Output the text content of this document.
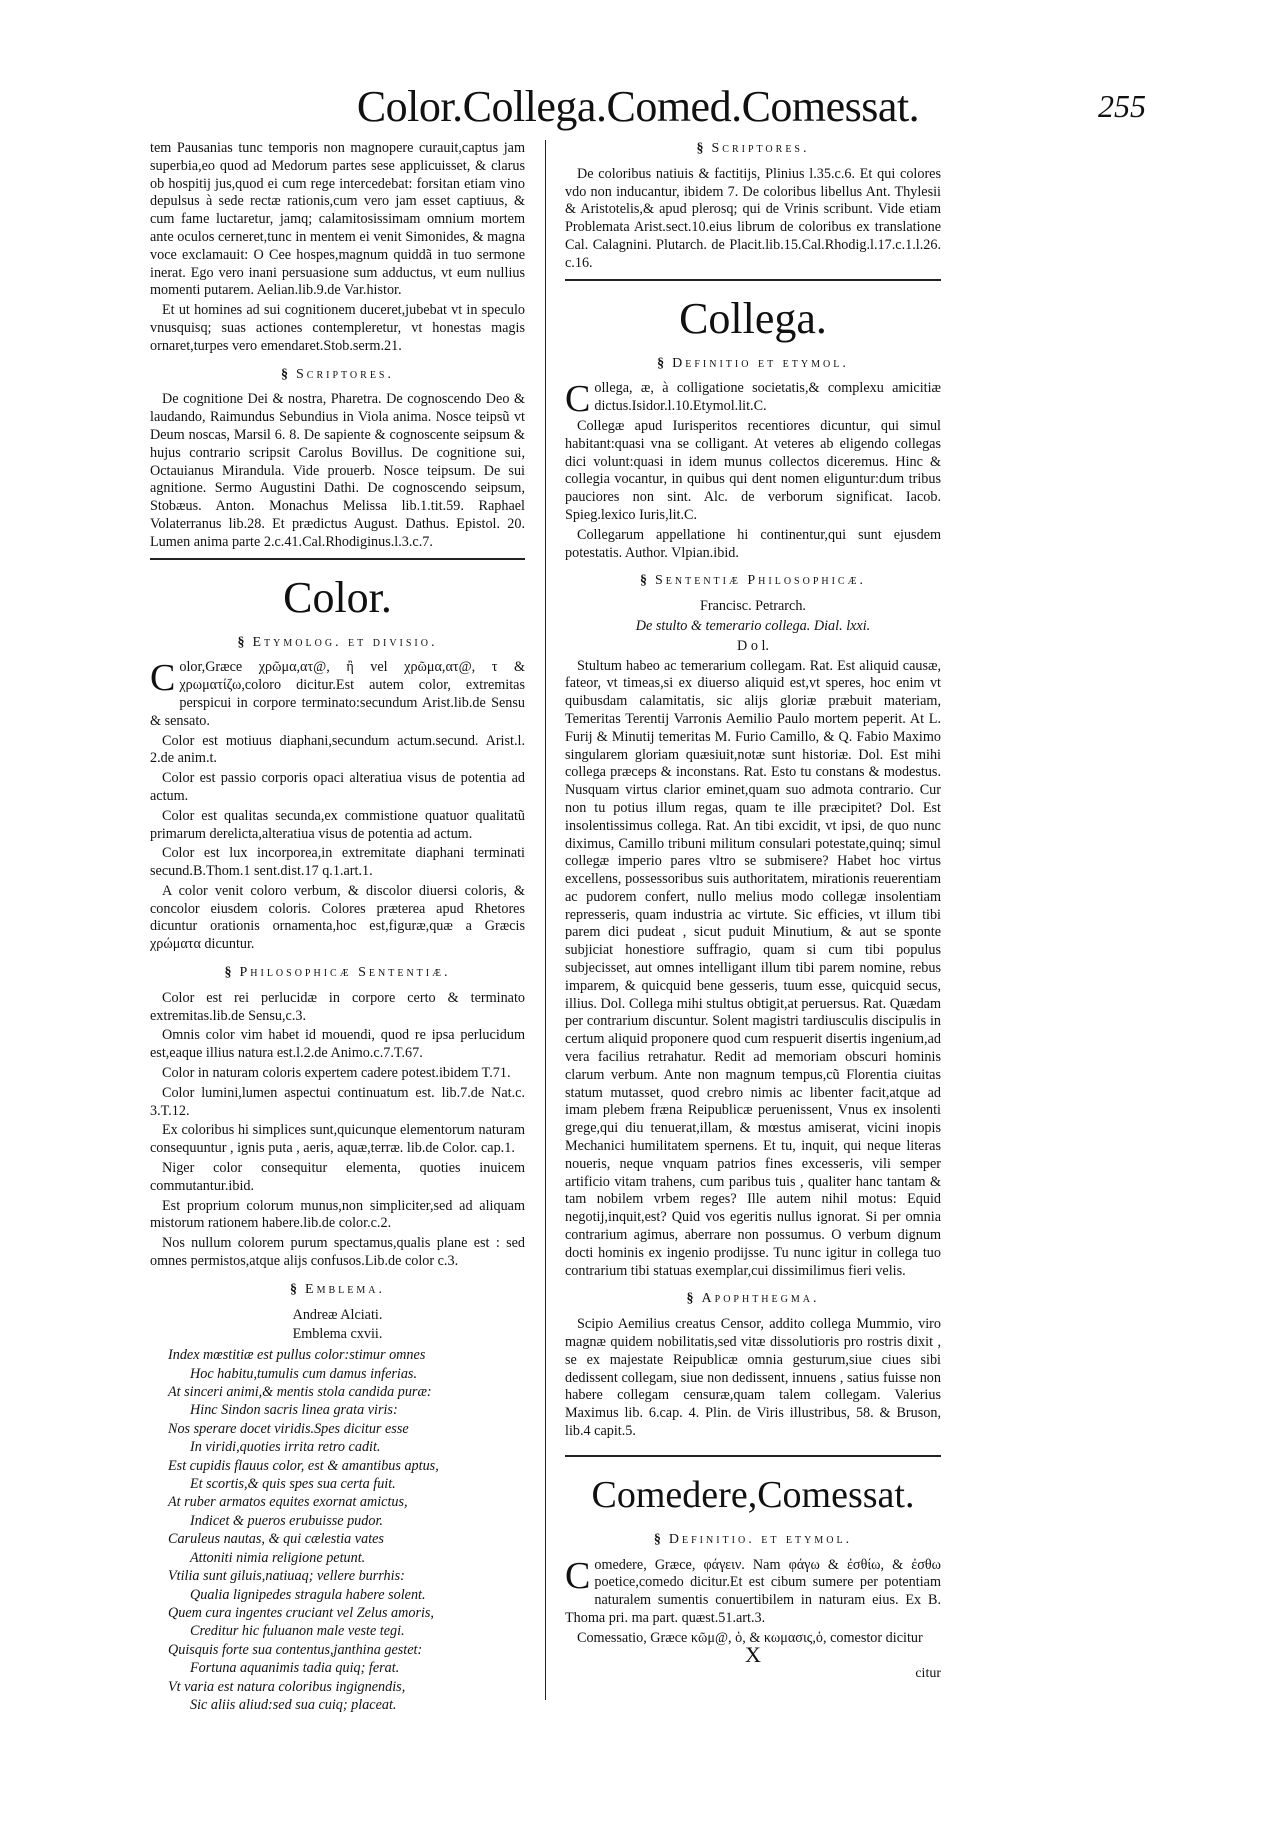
Color.Collega.Comed.Comessat.	255

tem Pausanias tunc temporis non magnopere curauit,captus jam superbia,eo quod ad Medorum partes sese applicuisset, & clarus ob hospitij jus,quod ei cum rege intercedebat: forsitan etiam vino depulsus à sede rectæ rationis,cum vero jam esset captiuus, & cum fame luctaretur, jamq; calamitosissimam omnium mortem ante oculos cerneret,tunc in mentem ei venit Simonides, & magna voce exclamauit: O Cee hospes,magnum quiddã in tuo sermone inerat. Ego vero inani persuasione sum adductus, vt eum nullius momenti putarem. Aelian.lib.9.de Var.histor.

Et ut homines ad sui cognitionem duceret,jubebat vt in speculo vnusquisq; suas actiones contempleretur, vt honestas magis ornaret,turpes vero emendaret.Stob.serm.21.

§ Scriptores.

De cognitione Dei & nostra, Pharetra. De cognoscendo Deo & laudando, Raimundus Sebundius in Viola anima. Nosce teipsũ vt Deum noscas, Marsil 6. 8. De sapiente & cognoscente seipsum & hujus contrario scripsit Carolus Bovillus. De cognitione sui, Octauianus Mirandula. Vide prouerb. Nosce teipsum. De sui agnitione. Sermo Augustini Dathi. De cognoscendo seipsum, Stobæus. Anton. Monachus Melissa lib.1.tit.59. Raphael Volaterranus lib.28. Et prædictus August. Dathus. Epistol. 20. Lumen anima parte 2.c.41.Cal.Rhodiginus.l.3.c.7.

Color.
§ Etymolog. et divisio.

Color,Græce χρῶμα,ατ@, ἢ vel χρῶμα,ατ@, τ & χρωματίζω,coloro dicitur.Est autem color, extremitas perspicui in corpore terminato:secundum Arist.lib.de Sensu & sensato.

Color est motiuus diaphani,secundum actum.secund. Arist.l. 2.de anim.t.

Color est passio corporis opaci alteratiua visus de potentia ad actum.

Color est qualitas secunda,ex commistione quatuor qualitatũ primarum derelicta,alteratiua visus de potentia ad actum.

Color est lux incorporea,in extremitate diaphani terminati secund.B.Thom.1 sent.dist.17 q.1.art.1.

A color venit coloro verbum, & discolor diuersi coloris, & concolor eiusdem coloris. Colores præterea apud Rhetores dicuntur orationis ornamenta,hoc est,figuræ,quæ a Græcis χρώματα dicuntur.

§ Philosophicæ Sententiæ.

Color est rei perlucidæ in corpore certo & terminato extremitas.lib.de Sensu,c.3.

Omnis color vim habet id mouendi, quod re ipsa perlucidum est,eaque illius natura est.l.2.de Animo.c.7.T.67.

Color in naturam coloris expertem cadere potest.ibidem T.71.

Color lumini,lumen aspectui continuatum est. lib.7.de Nat.c. 3.T.12.

Ex coloribus hi simplices sunt,quicunque elementorum naturam consequuntur , ignis puta , aeris, aquæ,terræ. lib.de Color. cap.1.

Niger color consequitur elementa, quoties inuicem commutantur.ibid.

Est proprium colorum munus,non simpliciter,sed ad aliquam mistorum rationem habere.lib.de color.c.2.

Nos nullum colorem purum spectamus,qualis plane est : sed omnes permistos,atque alijs confusos.Lib.de color c.3.

§ Emblema.

Andreæ Alciati.

Emblema cxvii.

Index mœstitiæ est pullus color:stimur omnes

Hoc habitu,tumulis cum damus inferias.

At sinceri animi,& mentis stola candida puræ:

Hinc Sindon sacris linea grata viris:

Nos sperare docet viridis.Spes dicitur esse

In viridi,quoties irrita retro cadit.

Est cupidis flauus color, est & amantibus aptus,

Et scortis,& quis spes sua certa fuit.

At ruber armatos equites exornat amictus,

Indicet & pueros erubuisse pudor.

Caruleus nautas, & qui cælestia vates

Attoniti nimia religione petunt.

Vtilia sunt giluis,natiuaq; vellere burrhis:

Qualia lignipedes stragula habere solent.

Quem cura ingentes cruciant vel Zelus amoris,

Creditur hic fuluanon male veste tegi.

Quisquis forte sua contentus,janthina gestet:

Fortuna aquanimis tadia quiq; ferat.

Vt varia est natura coloribus ingignendis,

Sic aliis aliud:sed sua cuiq; placeat.

§ Scriptores.

De coloribus natiuis & factitijs, Plinius l.35.c.6. Et qui colores vdo non inducantur, ibidem 7. De coloribus libellus Ant. Thylesii & Aristotelis,& apud plerosq; qui de Vrinis scribunt. Vide etiam Problemata Arist.sect.10.eius librum de coloribus ex translatione Cal. Calagnini. Plutarch. de Placit.lib.15.Cal.Rhodig.l.17.c.1.l.26. c.16.

Collega.
§ Definitio et etymol.

Collega, æ, à colligatione societatis,& complexu amicitiæ dictus.Isidor.l.10.Etymol.lit.C.

Collegæ apud Iurisperitos recentiores dicuntur, qui simul habitant:quasi vna se colligant. At veteres ab eligendo collegas dici volunt:quasi in idem munus collectos diceremus. Hinc & collegia vocantur, in quibus qui dent nomen eliguntur:dum tribus pauciores non sint. Alc. de verborum significat. Iacob. Spieg.lexico Iuris,lit.C.

Collegarum appellatione hi continentur,qui sunt ejusdem potestatis. Author. Vlpian.ibid.

§ Sententiæ Philosophicæ.

Francisc. Petrarch.

De stulto & temerario collega. Dial. lxxi.

D o l.

Stultum habeo ac temerarium collegam. Rat. Est aliquid causæ, fateor, vt timeas,si ex diuerso aliquid est,vt speres, hoc enim vt quibusdam calamitatis, sic alijs gloriæ præbuit materiam, Temeritas Terentij Varronis Aemilio Paulo mortem peperit. At L. Furij & Minutij temeritas M. Furio Camillo, & Q. Fabio Maximo singularem gloriam quæsiuit,notæ sunt historiæ. Dol. Est mihi collega præceps & inconstans. Rat. Esto tu constans & modestus. Nusquam virtus clarior eminet,quam suo admota contrario. Cur non tu potius illum regas, quam te ille præcipitet? Dol. Est insolentissimus collega. Rat. An tibi excidit, vt ipsi, de quo nunc diximus, Camillo tribuni militum consulari potestate,quinq; simul collegæ imperio pares vltro se submisere? Habet hoc virtus excellens, possessoribus suis authoritatem, mirationis reuerentiam ac pudorem confert, nullo melius modo collegæ insolentiam represseris, quam industria ac virtute. Sic efficies, vt illum tibi parem dici pudeat , sicut puduit Minutium, & aut se sponte subjiciat honestiore suffragio, quam si cum tibi populus subjecisset, aut omnes intelligant illum tibi parem nomine, rebus imparem, & quicquid bene gesseris, tuum esse, quicquid secus, illius. Dol. Collega mihi stultus obtigit,at peruersus. Rat. Quædam per contrarium discuntur. Solent magistri tardiusculis discipulis in certum aliquid proponere quod cum respuerit disertis ingenium,ad vera facilius retrahatur. Redit ad memoriam obscuri hominis clarum verbum. Ante non magnum tempus,cũ Florentia ciuitas statum mutasset, quod crebro nimis ac libenter facit,atque ad imam plebem fræna Reipublicæ peruenissent, Vnus ex insolenti grege,qui diu tenuerat,illam, & mœstus amiserat, vicini inopis Mechanici humilitatem spernens. Et tu, inquit, qui neque literas noueris, neque vnquam patrios fines excesseris, vili semper artificio vitam trahens, cum paribus tuis , qualiter hanc tantam & tam nobilem vrbem reges? Ille autem nihil motus: Equid negotij,inquit,est? Quid vos egeritis nullus ignorat. Si per omnia contrarium agimus, aberrare non possumus. O verbum dignum docti hominis ex ingenio prodijsse. Tu nunc igitur in collega tuo contrarium tibi statuas exemplar,cui dissimilimus fieri velis.

§ Apophthegma.

Scipio Aemilius creatus Censor, addito collega Mummio, viro magnæ quidem nobilitatis,sed vitæ dissolutioris pro rostris dixit , se ex majestate Reipublicæ omnia gesturum,siue ciues sibi dedissent collegam, siue non dedissent, innuens , satius fuisse non habere collegam censuræ,quam talem collegam. Valerius Maximus lib. 6.cap. 4. Plin. de Viris illustribus, 58. & Bruson, lib.4 capit.5.

Comedere,Comessat.
§ Definitio. et etymol.

Comedere, Græce, φάγειν. Nam φάγω & ἐσθίω, & ἐσθω poetice,comedo dicitur.Et est cibum sumere per potentiam naturalem sumentis conuertibilem in naturam eius. Ex B. Thoma pri. ma part. quæst.51.art.3.

Comessatio, Græce κῶμ@, ὁ, & κωμασις,ὁ, comestor dicitur

X
citur
